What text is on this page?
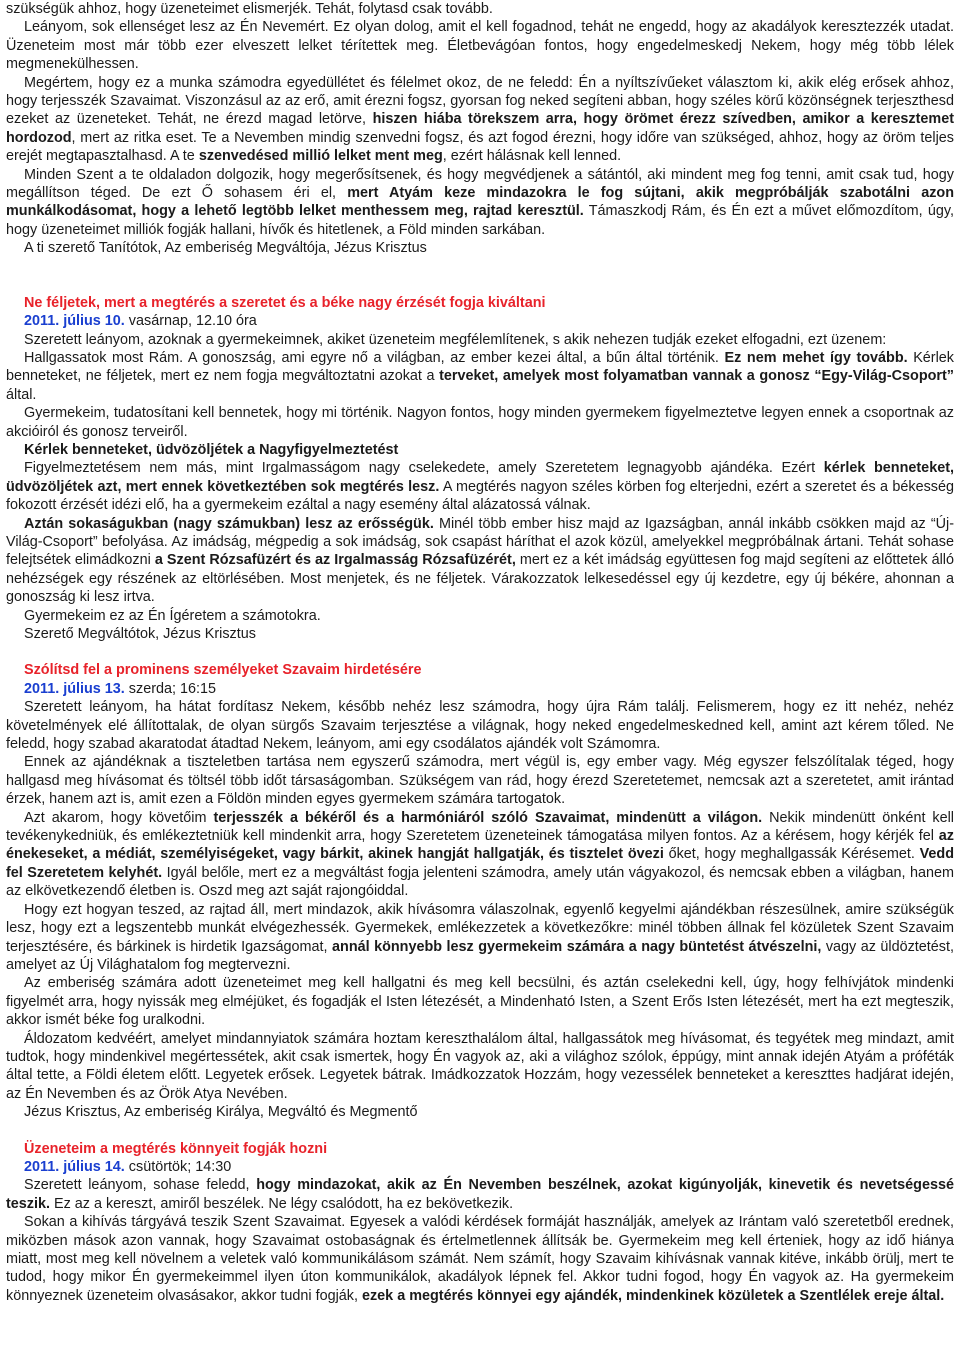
szükségük ahhoz, hogy üzeneteimet elismerjék. Tehát, folytasd csak tovább.

Leányom, sok ellenséget lesz az Én Nevemért. Ez olyan dolog, amit el kell fogadnod, tehát ne engedd, hogy az akadályok keresztezzék utadat. Üzeneteim most már több ezer elveszett lelket térítettek meg. Életbevágóan fontos, hogy engedelmeskedj Nekem, hogy még több lélek megmenekülhessen.

Megértem, hogy ez a munka számodra egyedüllétet és félelmet okoz, de ne feledd: Én a nyíltszívűeket választom ki, akik elég erősek ahhoz, hogy terjesszék Szavaimat. Viszonzásul az az erő, amit érezni fogsz, gyorsan fog neked segíteni abban, hogy széles körű közönségnek terjeszthesd ezeket az üzeneteket. Tehát, ne érezd magad letörve, hiszen hiába törekszem arra, hogy örömet érezz szívedben, amikor a keresztemet hordozod, mert az ritka eset. Te a Nevemben mindig szenvedni fogsz, és azt fogod érezni, hogy időre van szükséged, ahhoz, hogy az öröm teljes erejét megtapasztalhasd. A te szenvedésed millió lelket ment meg, ezért hálásnak kell lenned.

Minden Szent a te oldaladon dolgozik, hogy megerősítsenek, és hogy megvédjenek a sátántól, aki mindent meg fog tenni, amit csak tud, hogy megállítson téged. De ezt Ő sohasem éri el, mert Atyám keze mindazokra le fog sújtani, akik megpróbálják szabotálni azon munkálkodásomat, hogy a lehető legtöbb lelket menthessem meg, rajtad keresztül. Támaszkodj Rám, és Én ezt a művet előmozdítom, úgy, hogy üzeneteimet milliók fogják hallani, hívők és hitetlenek, a Föld minden sarkában.

A ti szerető Tanítótok, Az emberiség Megváltója, Jézus Krisztus

Ne féljetek, mert a megtérés a szeretet és a béke nagy érzését fogja kiváltani

2011. július 10. vasárnap, 12.10 óra

Szeretett leányom, azoknak a gyermekeimnek, akiket üzeneteim megfélemlítenek, s akik nehezen tudják ezeket elfogadni, ezt üzenem:

Hallgassatok most Rám. A gonoszság, ami egyre nő a világban, az ember kezei által, a bűn által történik. Ez nem mehet így tovább. Kérlek benneteket, ne féljetek, mert ez nem fogja megváltoztatni azokat a terveket, amelyek most folyamatban vannak a gonosz “Egy-Világ-Csoport” által.

Gyermekeim, tudatosítani kell bennetek, hogy mi történik. Nagyon fontos, hogy minden gyermekem figyelmeztetve legyen ennek a csoportnak az akcióiról és gonosz terveiről.

Kérlek benneteket, üdvözöljétek a Nagyfigyelmeztetést

Figyelmeztetésem nem más, mint Irgalmasságom nagy cselekedete, amely Szeretetem legnagyobb ajándéka. Ezért kérlek benneteket, üdvözöljétek azt, mert ennek következtében sok megtérés lesz. A megtérés nagyon széles körben fog elterjedni, ezért a szeretet és a békesség fokozott érzését idézi elő, ha a gyermekeim ezáltal a nagy esemény által alázatossá válnak.

Aztán sokaságukban (nagy számukban) lesz az erősségük. Minél több ember hisz majd az Igazságban, annál inkább csökken majd az “Új-Világ-Csoport” befolyása. Az imádság, mégpedig a sok imádság, sok csapást háríthat el azok közül, amelyekkel megpróbálnak ártani. Tehát sohase felejtsétek elimádkozni a Szent Rózsafüzért és az Irgalmasság Rózsafüzérét, mert ez a két imádság együttesen fog majd segíteni az előttetek álló nehézségek egy részének az eltörlésében. Most menjetek, és ne féljetek. Várakozzatok lelkesedéssel egy új kezdetre, egy új békére, ahonnan a gonoszság ki lesz irtva.

Gyermekeim ez az Én Ígéretem a számotokra.

Szerető Megváltótok, Jézus Krisztus

Szólítsd fel a prominens személyeket Szavaim hirdetésére

2011. július 13. szerda; 16:15

Szeretett leányom, ha hátat fordítasz Nekem, később nehéz lesz számodra, hogy újra Rám találj. Felismerem, hogy ez itt nehéz, nehéz követelmények elé állítottalak, de olyan sürgős Szavaim terjesztése a világnak, hogy neked engedelmeskedned kell, amint azt kérem tőled. Ne feledd, hogy szabad akaratodat átadtad Nekem, leányom, ami egy csodálatos ajándék volt Számomra.

Ennek az ajándéknak a tiszteletben tartása nem egyszerű számodra, mert végül is, egy ember vagy. Még egyszer felszólítalak téged, hogy hallgasd meg hívásomat és töltsél több időt társaságomban. Szükségem van rád, hogy érezd Szeretetemet, nemcsak azt a szeretetet, amit irántad érzek, hanem azt is, amit ezen a Földön minden egyes gyermekem számára tartogatok.

Azt akarom, hogy követőim terjesszék a békéről és a harmóniáról szóló Szavaimat, mindenütt a világon. Nekik mindenütt önként kell tevékenykedniük, és emlékeztetniük kell mindenkit arra, hogy Szeretetem üzeneteinek támogatása milyen fontos. Az a kérésem, hogy kérjék fel az énekeseket, a médiát, személyiségeket, vagy bárkit, akinek hangját hallgatják, és tisztelet övezi őket, hogy meghallgassák Kérésemet. Vedd fel Szeretetem kelyhét. Igyál belőle, mert ez a megváltást fogja jelenteni számodra, amely után vágyakozol, és nemcsak ebben a világban, hanem az elkövetkezendő életben is. Oszd meg azt saját rajongóiddal.

Hogy ezt hogyan teszed, az rajtad áll, mert mindazok, akik hívásomra válaszolnak, egyenlő kegyelmi ajándékban részesülnek, amire szükségük lesz, hogy ezt a legszentebb munkát elvégezhessék. Gyermekek, emlékezzetek a következőkre: minél többen állnak fel közületek Szent Szavaim terjesztésére, és bárkinek is hirdetik Igazságomat, annál könnyebb lesz gyermekeim számára a nagy büntetést átvészelni, vagy az üldöztetést, amelyet az Új Világhatalom fog megtervezni.

Az emberiség számára adott üzeneteimet meg kell hallgatni és meg kell becsülni, és aztán cselekedni kell, úgy, hogy felhívjátok mindenki figyelmét arra, hogy nyissák meg elméjüket, és fogadják el Isten létezését, a Mindenható Isten, a Szent Erős Isten létezését, mert ha ezt megteszik, akkor ismét béke fog uralkodni.

Áldozatom kedvéért, amelyet mindannyiatok számára hoztam kereszthalálom által, hallgassátok meg hívásomat, és tegyétek meg mindazt, amit tudtok, hogy mindenkivel megértessétek, akit csak ismertek, hogy Én vagyok az, aki a világhoz szólok, éppúgy, mint annak idején Atyám a próféták által tette, a Földi életem előtt. Legyetek erősek. Legyetek bátrak. Imádkozzatok Hozzám, hogy vezessélek benneteket a kereszttes hadjárat idején, az Én Nevemben és az Örök Atya Nevében.

Jézus Krisztus, Az emberiség Királya, Megváltó és Megmentő

Üzeneteim a megtérés könnyeit fogják hozni

2011. július 14. csütörtök; 14:30

Szeretett leányom, sohase feledd, hogy mindazokat, akik az Én Nevemben beszélnek, azokat kigúnyolják, kinevetik és nevetségessé teszik. Ez az a kereszt, amiről beszélek. Ne légy csalódott, ha ez bekövetkezik.

Sokan a kihívás tárgyává teszik Szent Szavaimat. Egyesek a valódi kérdések formáját használják, amelyek az Irántam való szeretetből erednek, miközben mások azon vannak, hogy Szavaimat ostobaságnak és értelmetlennek állítsák be. Gyermekeim meg kell érteniek, hogy az idő hiánya miatt, most meg kell növelnem a veletek való kommunikálásom számát. Nem számít, hogy Szavaim kihívásnak vannak kitéve, inkább örülj, mert te tudod, hogy mikor Én gyermekeimmel ilyen úton kommunikálok, akadályok lépnek fel. Akkor tudni fogod, hogy Én vagyok az. Ha gyermekeim könnyeznek üzeneteim olvasásakor, akkor tudni fogják, ezek a megtérés könnyei egy ajándék, mindenkinek közületek a Szentlélek ereje által.
